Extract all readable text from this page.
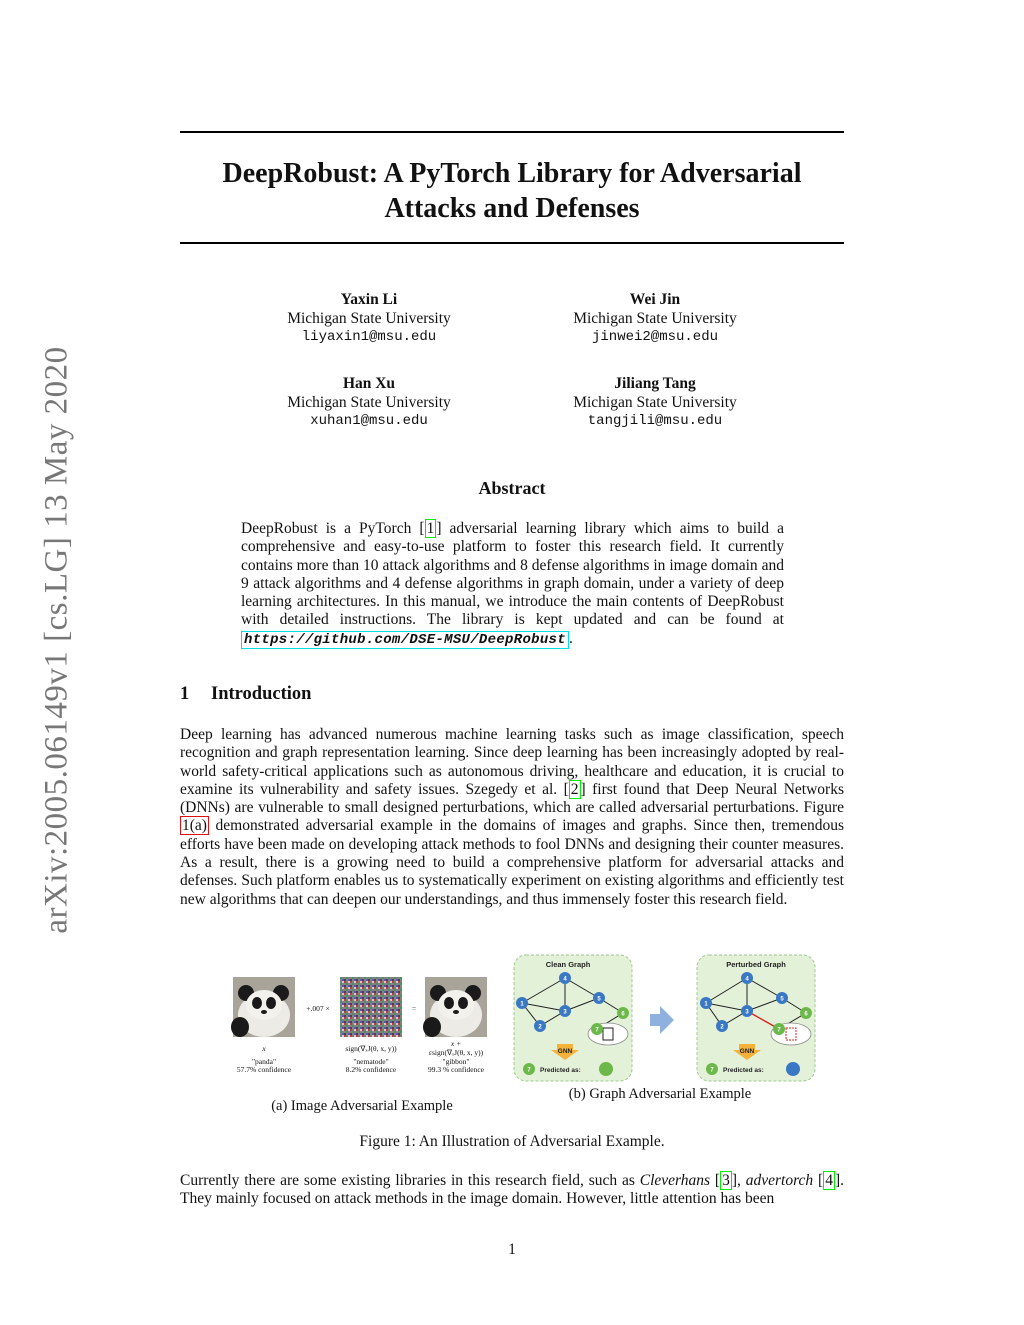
arXiv:2005.06149v1 [cs.LG] 13 May 2020
DeepRobust: A PyTorch Library for Adversarial
Attacks and Defenses
Yaxin Li
Michigan State University
liyaxin1@msu.edu
Wei Jin
Michigan State University
jinwei2@msu.edu
Han Xu
Michigan State University
xuhan1@msu.edu
Jiliang Tang
Michigan State University
tangjili@msu.edu
Abstract
DeepRobust is a PyTorch [ 1 ] adversarial learning library which aims to build a comprehensive and easy-to-use platform to foster this research field. It currently contains more than 10 attack algorithms and 8 defense algorithms in image domain and 9 attack algorithms and 4 defense algorithms in graph domain, under a variety of deep learning architectures. In this manual, we introduce the main contents of DeepRobust with detailed instructions. The library is kept updated and can be found at https://github.com/DSE-MSU/DeepRobust .
1 Introduction
Deep learning has advanced numerous machine learning tasks such as image classification, speech recognition and graph representation learning. Since deep learning has been increasingly adopted by real-world safety-critical applications such as autonomous driving, healthcare and education, it is crucial to examine its vulnerability and safety issues. Szegedy et al. [ 2 ] first found that Deep Neural Networks (DNNs) are vulnerable to small designed perturbations, which are called adversarial perturbations. Figure 1(a) demonstrated adversarial example in the domains of images and graphs. Since then, tremendous efforts have been made on developing attack methods to fool DNNs and designing their counter measures. As a result, there is a growing need to build a comprehensive platform for adversarial attacks and defenses. Such platform enables us to systematically experiment on existing algorithms and efficiently test new algorithms that can deepen our understandings, and thus immensely foster this research field.
+.007 ×	=
x
"panda"
57.7% confidence
sign(∇ₓJ(θ, x, y))
"nematode"
8.2% confidence
x +
εsign(∇ₓJ(θ, x, y))
"gibbon"
99.3 % confidence
(a) Image Adversarial Example
Clean Graph
4
1
5
3
2
6
7
GNN
7 Predicted as:
Perturbed Graph
4
1
5
3
2
6
7
GNN
7 Predicted as:
(b) Graph Adversarial Example
Figure 1: An Illustration of Adversarial Example.
Currently there are some existing libraries in this research field, such as Cleverhans [ 3 ], advertorch [ 4 ]. They mainly focused on attack methods in the image domain. However, little attention has been
1
